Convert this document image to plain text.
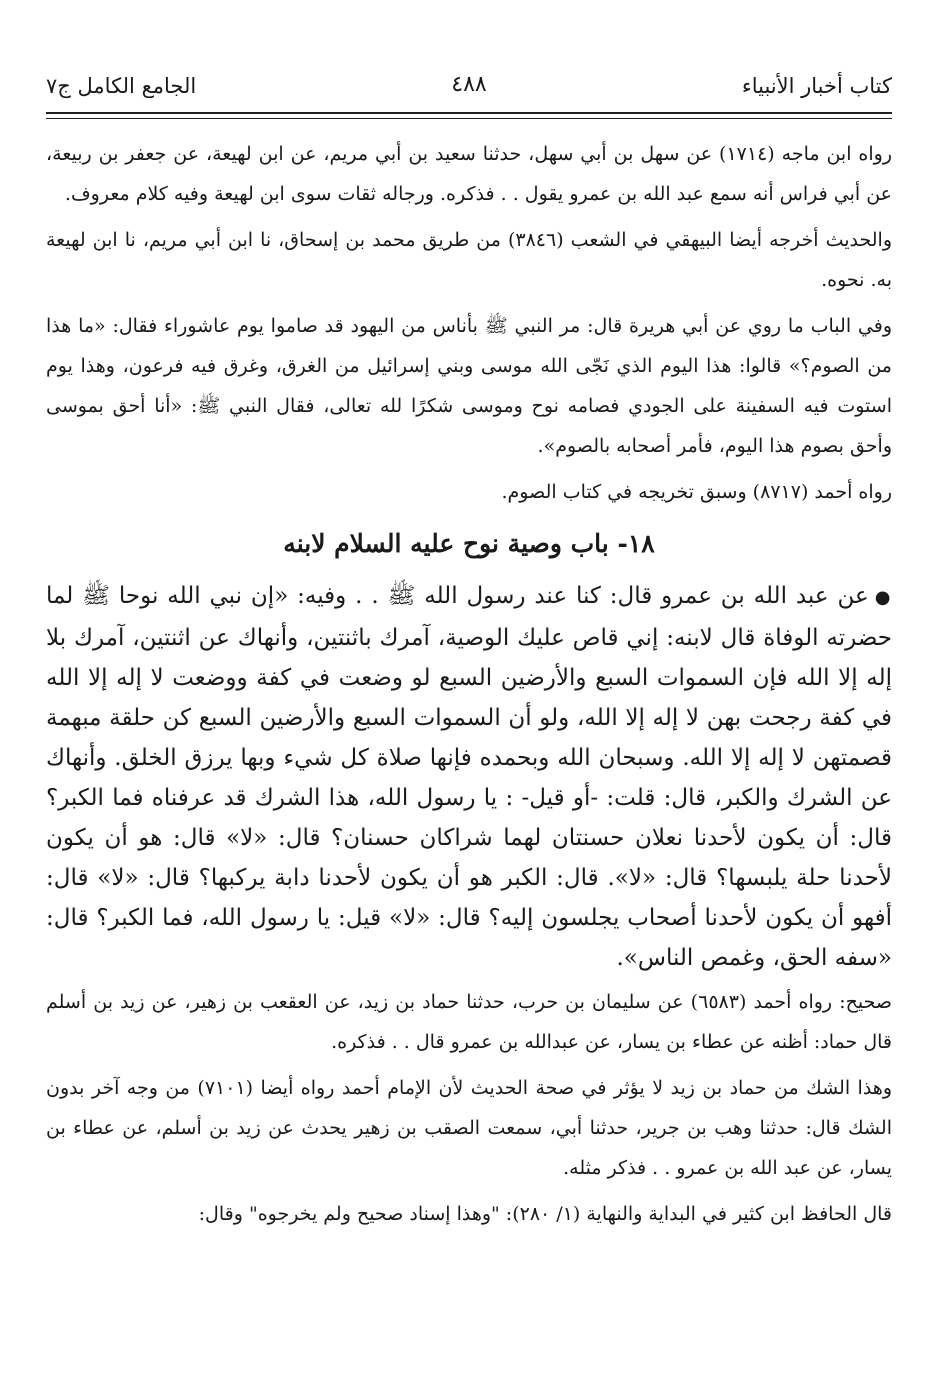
كتاب أخبار الأنبياء
٤٨٨
الجامع الكامل ج٧

رواه ابن ماجه (١٧١٤) عن سهل بن أبي سهل، حدثنا سعيد بن أبي مريم، عن ابن لهيعة، عن جعفر بن ربيعة، عن أبي فراس أنه سمع عبد الله بن عمرو يقول . . فذكره. ورجاله ثقات سوى ابن لهيعة وفيه كلام معروف.

والحديث أخرجه أيضا البيهقي في الشعب (٣٨٤٦) من طريق محمد بن إسحاق، نا ابن أبي مريم، نا ابن لهيعة به. نحوه.

وفي الباب ما روي عن أبي هريرة قال: مر النبي ﷺ بأناس من اليهود قد صاموا يوم عاشوراء فقال: «ما هذا من الصوم؟» قالوا: هذا اليوم الذي نَجّى الله موسى وبني إسرائيل من الغرق، وغرق فيه فرعون، وهذا يوم استوت فيه السفينة على الجودي فصامه نوح وموسى شكرًا لله تعالى، فقال النبي ﷺ: «أنا أحق بموسى وأحق بصوم هذا اليوم، فأمر أصحابه بالصوم».

رواه أحمد (٨٧١٧) وسبق تخريجه في كتاب الصوم.

١٨- باب وصية نوح عليه السلام لابنه

●عن عبد الله بن عمرو قال: كنا عند رسول الله ﷺ . . وفيه: «إن نبي الله نوحا ﷺ لما حضرته الوفاة قال لابنه: إني قاص عليك الوصية، آمرك باثنتين، وأنهاك عن اثنتين، آمرك بلا إله إلا الله فإن السموات السبع والأرضين السبع لو وضعت في كفة ووضعت لا إله إلا الله في كفة رجحت بهن لا إله إلا الله، ولو أن السموات السبع والأرضين السبع كن حلقة مبهمة قصمتهن لا إله إلا الله. وسبحان الله وبحمده فإنها صلاة كل شيء وبها يرزق الخلق. وأنهاك عن الشرك والكبر، قال: قلت: -أو قيل- : يا رسول الله، هذا الشرك قد عرفناه فما الكبر؟ قال: أن يكون لأحدنا نعلان حسنتان لهما شراكان حسنان؟ قال: «لا» قال: هو أن يكون لأحدنا حلة يلبسها؟ قال: «لا». قال: الكبر هو أن يكون لأحدنا دابة يركبها؟ قال: «لا» قال: أفهو أن يكون لأحدنا أصحاب يجلسون إليه؟ قال: «لا» قيل: يا رسول الله، فما الكبر؟ قال: «سفه الحق، وغمص الناس».

صحيح: رواه أحمد (٦٥٨٣) عن سليمان بن حرب، حدثنا حماد بن زيد، عن العقعب بن زهير، عن زيد بن أسلم قال حماد: أظنه عن عطاء بن يسار، عن عبدالله بن عمرو قال . . فذكره.

وهذا الشك من حماد بن زيد لا يؤثر في صحة الحديث لأن الإمام أحمد رواه أيضا (٧١٠١) من وجه آخر بدون الشك قال: حدثنا وهب بن جرير، حدثنا أبي، سمعت الصقب بن زهير يحدث عن زيد بن أسلم، عن عطاء بن يسار، عن عبد الله بن عمرو . . فذكر مثله.

قال الحافظ ابن كثير في البداية والنهاية (١/ ٢٨٠): "وهذا إسناد صحيح ولم يخرجوه" وقال:
